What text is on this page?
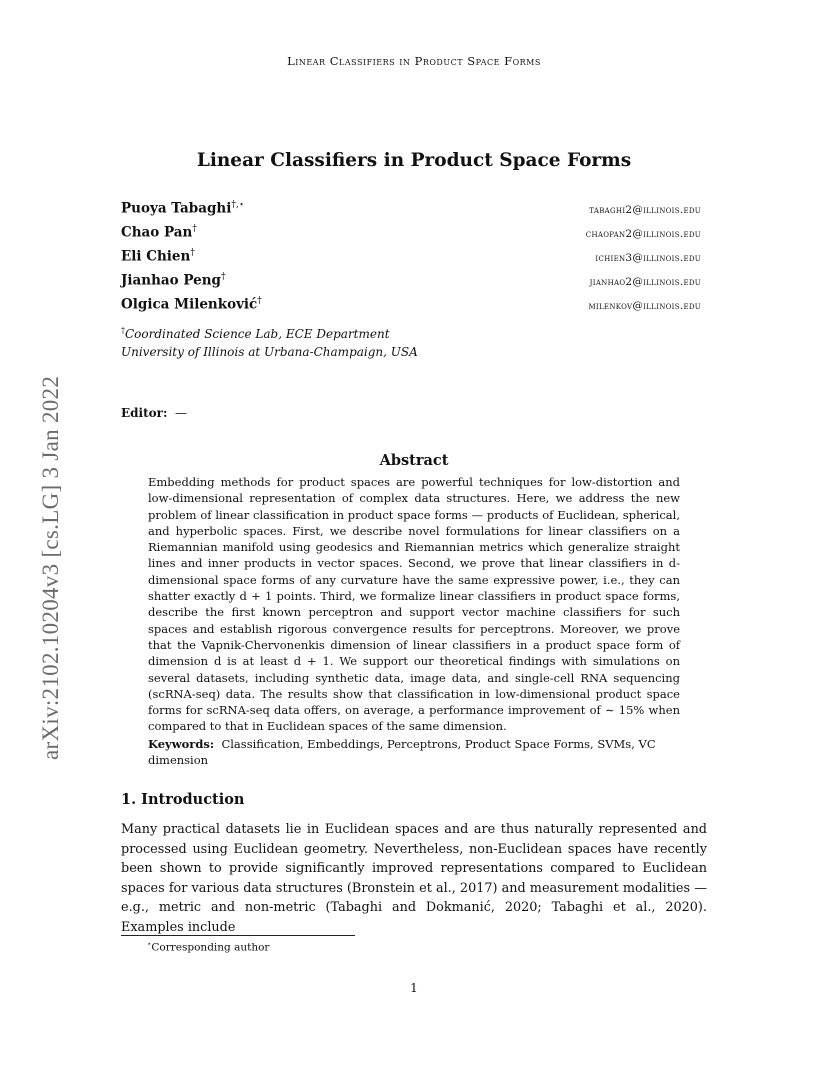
Linear Classifiers in Product Space Forms
arXiv:2102.10204v3 [cs.LG] 3 Jan 2022
Linear Classifiers in Product Space Forms
Puoya Tabaghi†,⋆	tabaghi2@illinois.edu
Chao Pan†	chaopan2@illinois.edu
Eli Chien†	ichien3@illinois.edu
Jianhao Peng†	jianhao2@illinois.edu
Olgica Milenković†	milenkov@illinois.edu
†Coordinated Science Lab, ECE Department
University of Illinois at Urbana-Champaign, USA
Editor: —
Abstract
Embedding methods for product spaces are powerful techniques for low-distortion and low-dimensional representation of complex data structures. Here, we address the new problem of linear classification in product space forms — products of Euclidean, spherical, and hyperbolic spaces. First, we describe novel formulations for linear classifiers on a Riemannian manifold using geodesics and Riemannian metrics which generalize straight lines and inner products in vector spaces. Second, we prove that linear classifiers in d-dimensional space forms of any curvature have the same expressive power, i.e., they can shatter exactly d + 1 points. Third, we formalize linear classifiers in product space forms, describe the first known perceptron and support vector machine classifiers for such spaces and establish rigorous convergence results for perceptrons. Moreover, we prove that the Vapnik-Chervonenkis dimension of linear classifiers in a product space form of dimension d is at least d + 1. We support our theoretical findings with simulations on several datasets, including synthetic data, image data, and single-cell RNA sequencing (scRNA-seq) data. The results show that classification in low-dimensional product space forms for scRNA-seq data offers, on average, a performance improvement of ∼ 15% when compared to that in Euclidean spaces of the same dimension.
Keywords: Classification, Embeddings, Perceptrons, Product Space Forms, SVMs, VC dimension
1. Introduction
Many practical datasets lie in Euclidean spaces and are thus naturally represented and processed using Euclidean geometry. Nevertheless, non-Euclidean spaces have recently been shown to provide significantly improved representations compared to Euclidean spaces for various data structures (Bronstein et al., 2017) and measurement modalities — e.g., metric and non-metric (Tabaghi and Dokmanić, 2020; Tabaghi et al., 2020). Examples include
⋆Corresponding author
1
